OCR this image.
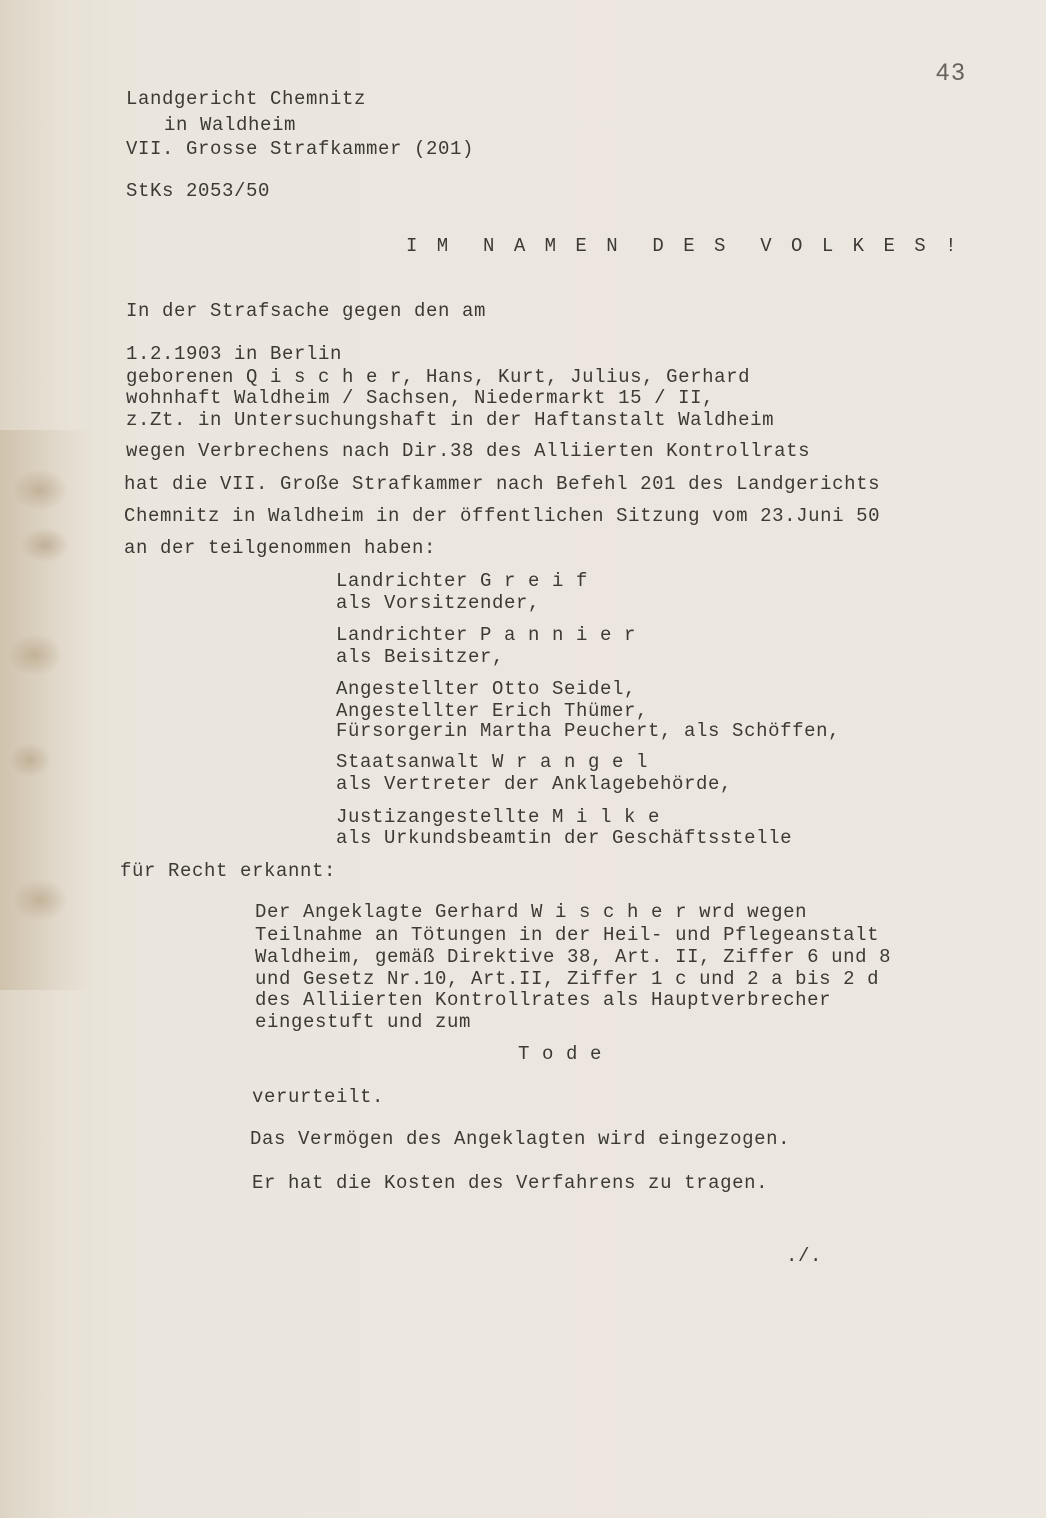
43
Landgericht Chemnitz
in Waldheim
VII. Grosse Strafkammer (201)
StKs 2053/50
I M  N A M E N  D E S  V O L K E S !
In der Strafsache gegen den am
1.2.1903 in Berlin
geborenen Q i s c h e r, Hans, Kurt, Julius, Gerhard
wohnhaft Waldheim / Sachsen, Niedermarkt 15 / II,
z.Zt. in Untersuchungshaft in der Haftanstalt Waldheim
wegen Verbrechens nach Dir.38 des Alliierten Kontrollrats
hat die VII. Große Strafkammer nach Befehl 201 des Landgerichts
Chemnitz in Waldheim in der öffentlichen Sitzung vom 23.Juni 50
an der teilgenommen haben:
Landrichter G r e i f
als Vorsitzender,
Landrichter P a n n i e r
als Beisitzer,
Angestellter Otto Seidel,
Angestellter Erich Thümer,
Fürsorgerin Martha Peuchert, als Schöffen,
Staatsanwalt W r a n g e l
als Vertreter der Anklagebehörde,
Justizangestellte M i l k e
als Urkundsbeamtin der Geschäftsstelle
für Recht erkannt:
Der Angeklagte Gerhard W i s c h e r wrd wegen
Teilnahme an Tötungen in der Heil- und Pflegeanstalt
Waldheim, gemäß Direktive 38, Art. II, Ziffer 6 und 8
und Gesetz Nr.10, Art.II, Ziffer 1 c und 2 a bis 2 d
des Alliierten Kontrollrates als Hauptverbrecher
eingestuft und zum
T o d e
verurteilt.
Das Vermögen des Angeklagten wird eingezogen.
Er hat die Kosten des Verfahrens zu tragen.
./.
